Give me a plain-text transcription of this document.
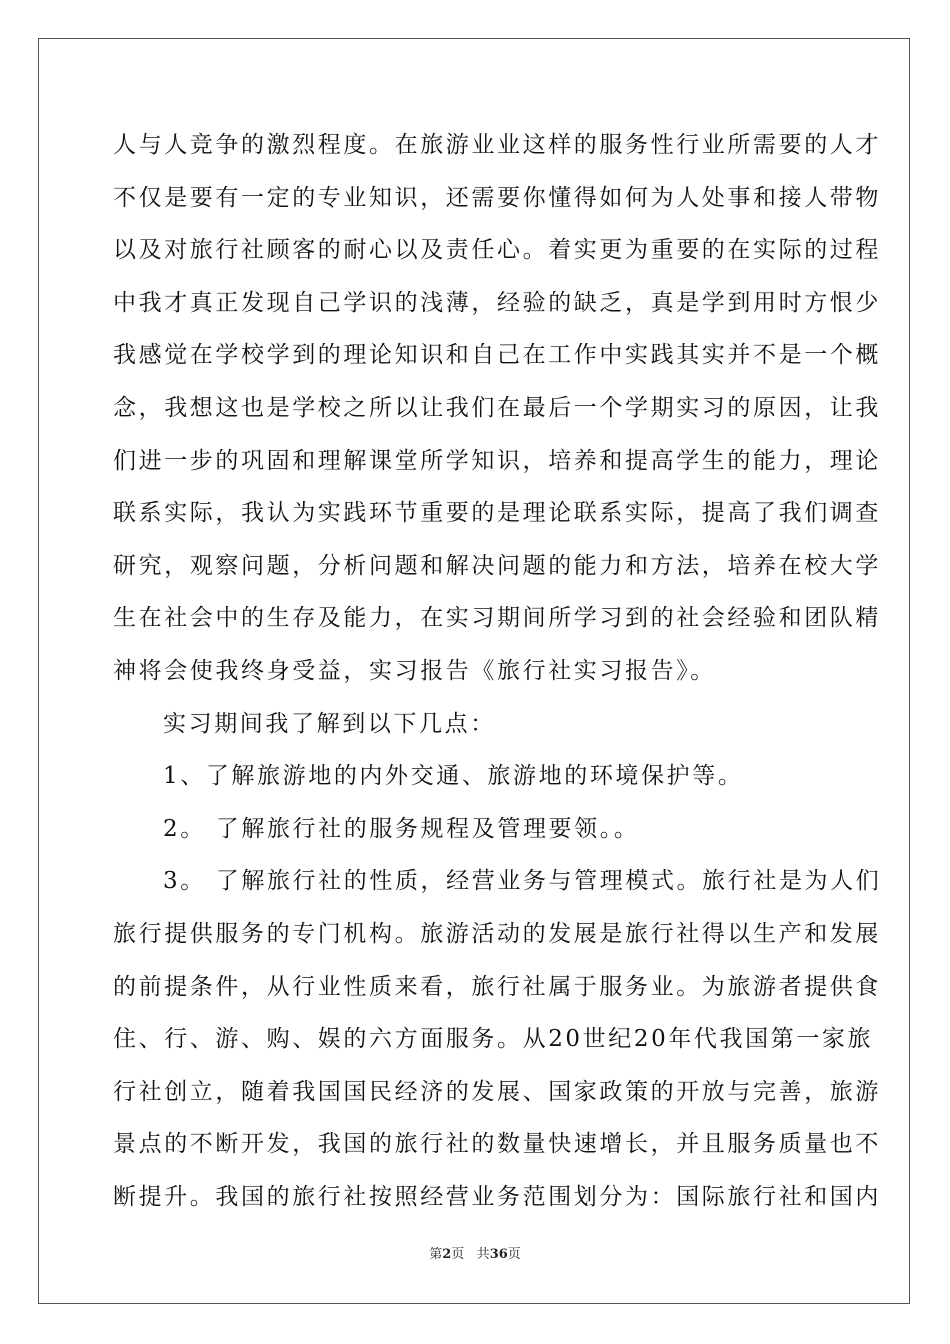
人与人竞争的激烈程度。在旅游业业这样的服务性行业所需要的人才
不仅是要有一定的专业知识，还需要你懂得如何为人处事和接人带物
以及对旅行社顾客的耐心以及责任心。着实更为重要的在实际的过程
中我才真正发现自己学识的浅薄，经验的缺乏，真是学到用时方恨少
我感觉在学校学到的理论知识和自己在工作中实践其实并不是一个概
念，我想这也是学校之所以让我们在最后一个学期实习的原因，让我
们进一步的巩固和理解课堂所学知识，培养和提高学生的能力，理论
联系实际，我认为实践环节重要的是理论联系实际，提高了我们调查
研究，观察问题，分析问题和解决问题的能力和方法，培养在校大学
生在社会中的生存及能力，在实习期间所学习到的社会经验和团队精
神将会使我终身受益，实习报告《旅行社实习报告》。
实习期间我了解到以下几点：
1、了解旅游地的内外交通、旅游地的环境保护等。
2。 了解旅行社的服务规程及管理要领。。
3。 了解旅行社的性质，经营业务与管理模式。旅行社是为人们
旅行提供服务的专门机构。旅游活动的发展是旅行社得以生产和发展
的前提条件，从行业性质来看，旅行社属于服务业。为旅游者提供食
住、行、游、购、娱的六方面服务。从20世纪20年代我国第一家旅
行社创立，随着我国国民经济的发展、国家政策的开放与完善，旅游
景点的不断开发，我国的旅行社的数量快速增长，并且服务质量也不
断提升。我国的旅行社按照经营业务范围划分为：国际旅行社和国内
第2页 共36页
